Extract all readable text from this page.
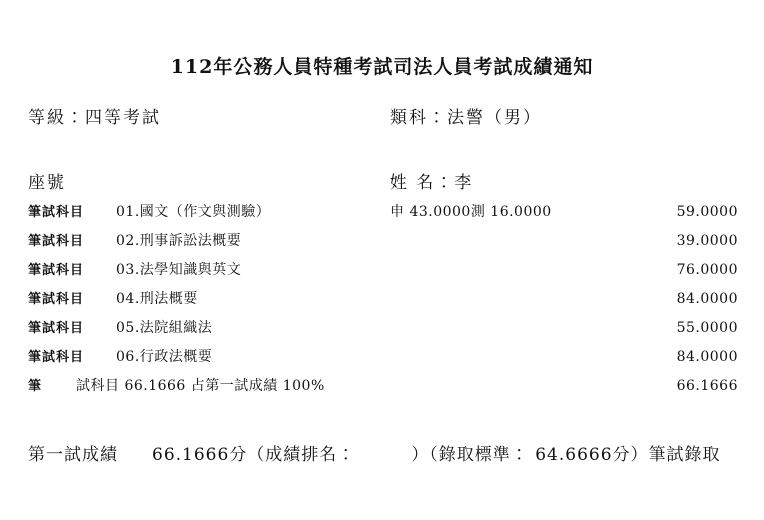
112年公務人員特種考試司法人員考試成績通知
等級：四等考試	類科：法警（男）
座號	姓 名：李
筆試科目 01.國文（作文與測驗）	申 43.0000測 16.0000	59.0000
筆試科目 02.刑事訴訟法概要	39.0000
筆試科目 03.法學知識與英文	76.0000
筆試科目 04.刑法概要	84.0000
筆試科目 05.法院組織法	55.0000
筆試科目 06.行政法概要	84.0000
筆 試科目 66.1666 占第一試成績 100%	66.1666
第一試成績 66.1666分（成績排名：	）（錄取標準： 64.6666分）筆試錄取
